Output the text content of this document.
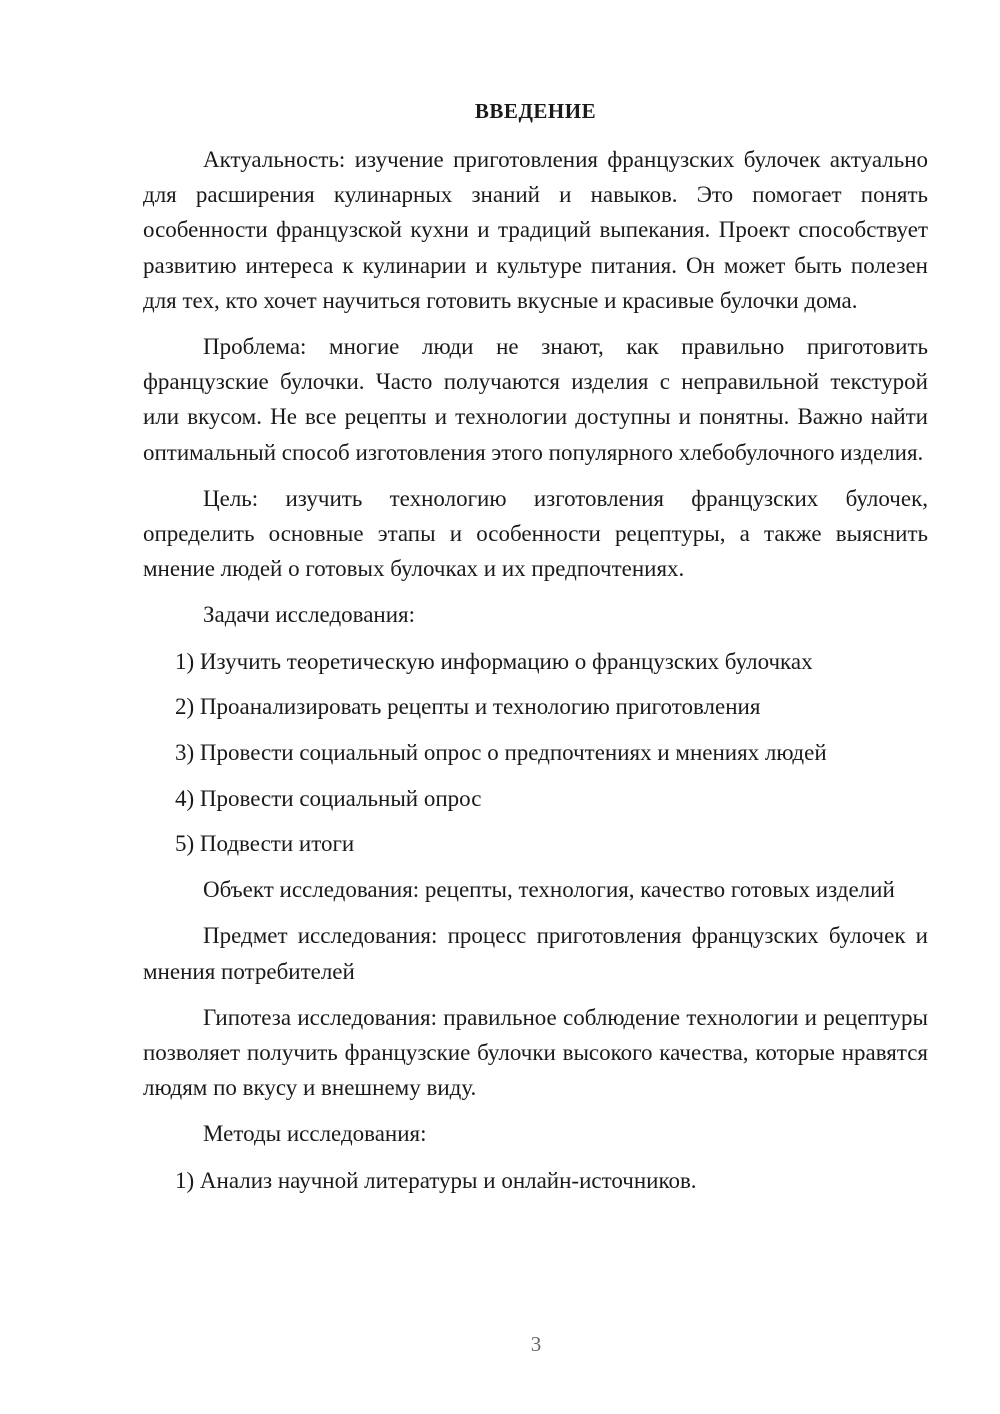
ВВЕДЕНИЕ

Актуальность: изучение приготовления французских булочек актуально для расширения кулинарных знаний и навыков. Это помогает понять особенности французской кухни и традиций выпекания. Проект способствует развитию интереса к кулинарии и культуре питания. Он может быть полезен для тех, кто хочет научиться готовить вкусные и красивые булочки дома.

Проблема: многие люди не знают, как правильно приготовить французские булочки. Часто получаются изделия с неправильной текстурой или вкусом. Не все рецепты и технологии доступны и понятны. Важно найти оптимальный способ изготовления этого популярного хлебобулочного изделия.

Цель: изучить технологию изготовления французских булочек, определить основные этапы и особенности рецептуры, а также выяснить мнение людей о готовых булочках и их предпочтениях.

Задачи исследования:

1) Изучить теоретическую информацию о французских булочках
2) Проанализировать рецепты и технологию приготовления
3) Провести социальный опрос о предпочтениях и мнениях людей
4) Провести социальный опрос
5) Подвести итоги

Объект исследования: рецепты, технология, качество готовых изделий

Предмет исследования: процесс приготовления французских булочек и мнения потребителей

Гипотеза исследования: правильное соблюдение технологии и рецептуры позволяет получить французские булочки высокого качества, которые нравятся людям по вкусу и внешнему виду.

Методы исследования:

1) Анализ научной литературы и онлайн-источников.
3
